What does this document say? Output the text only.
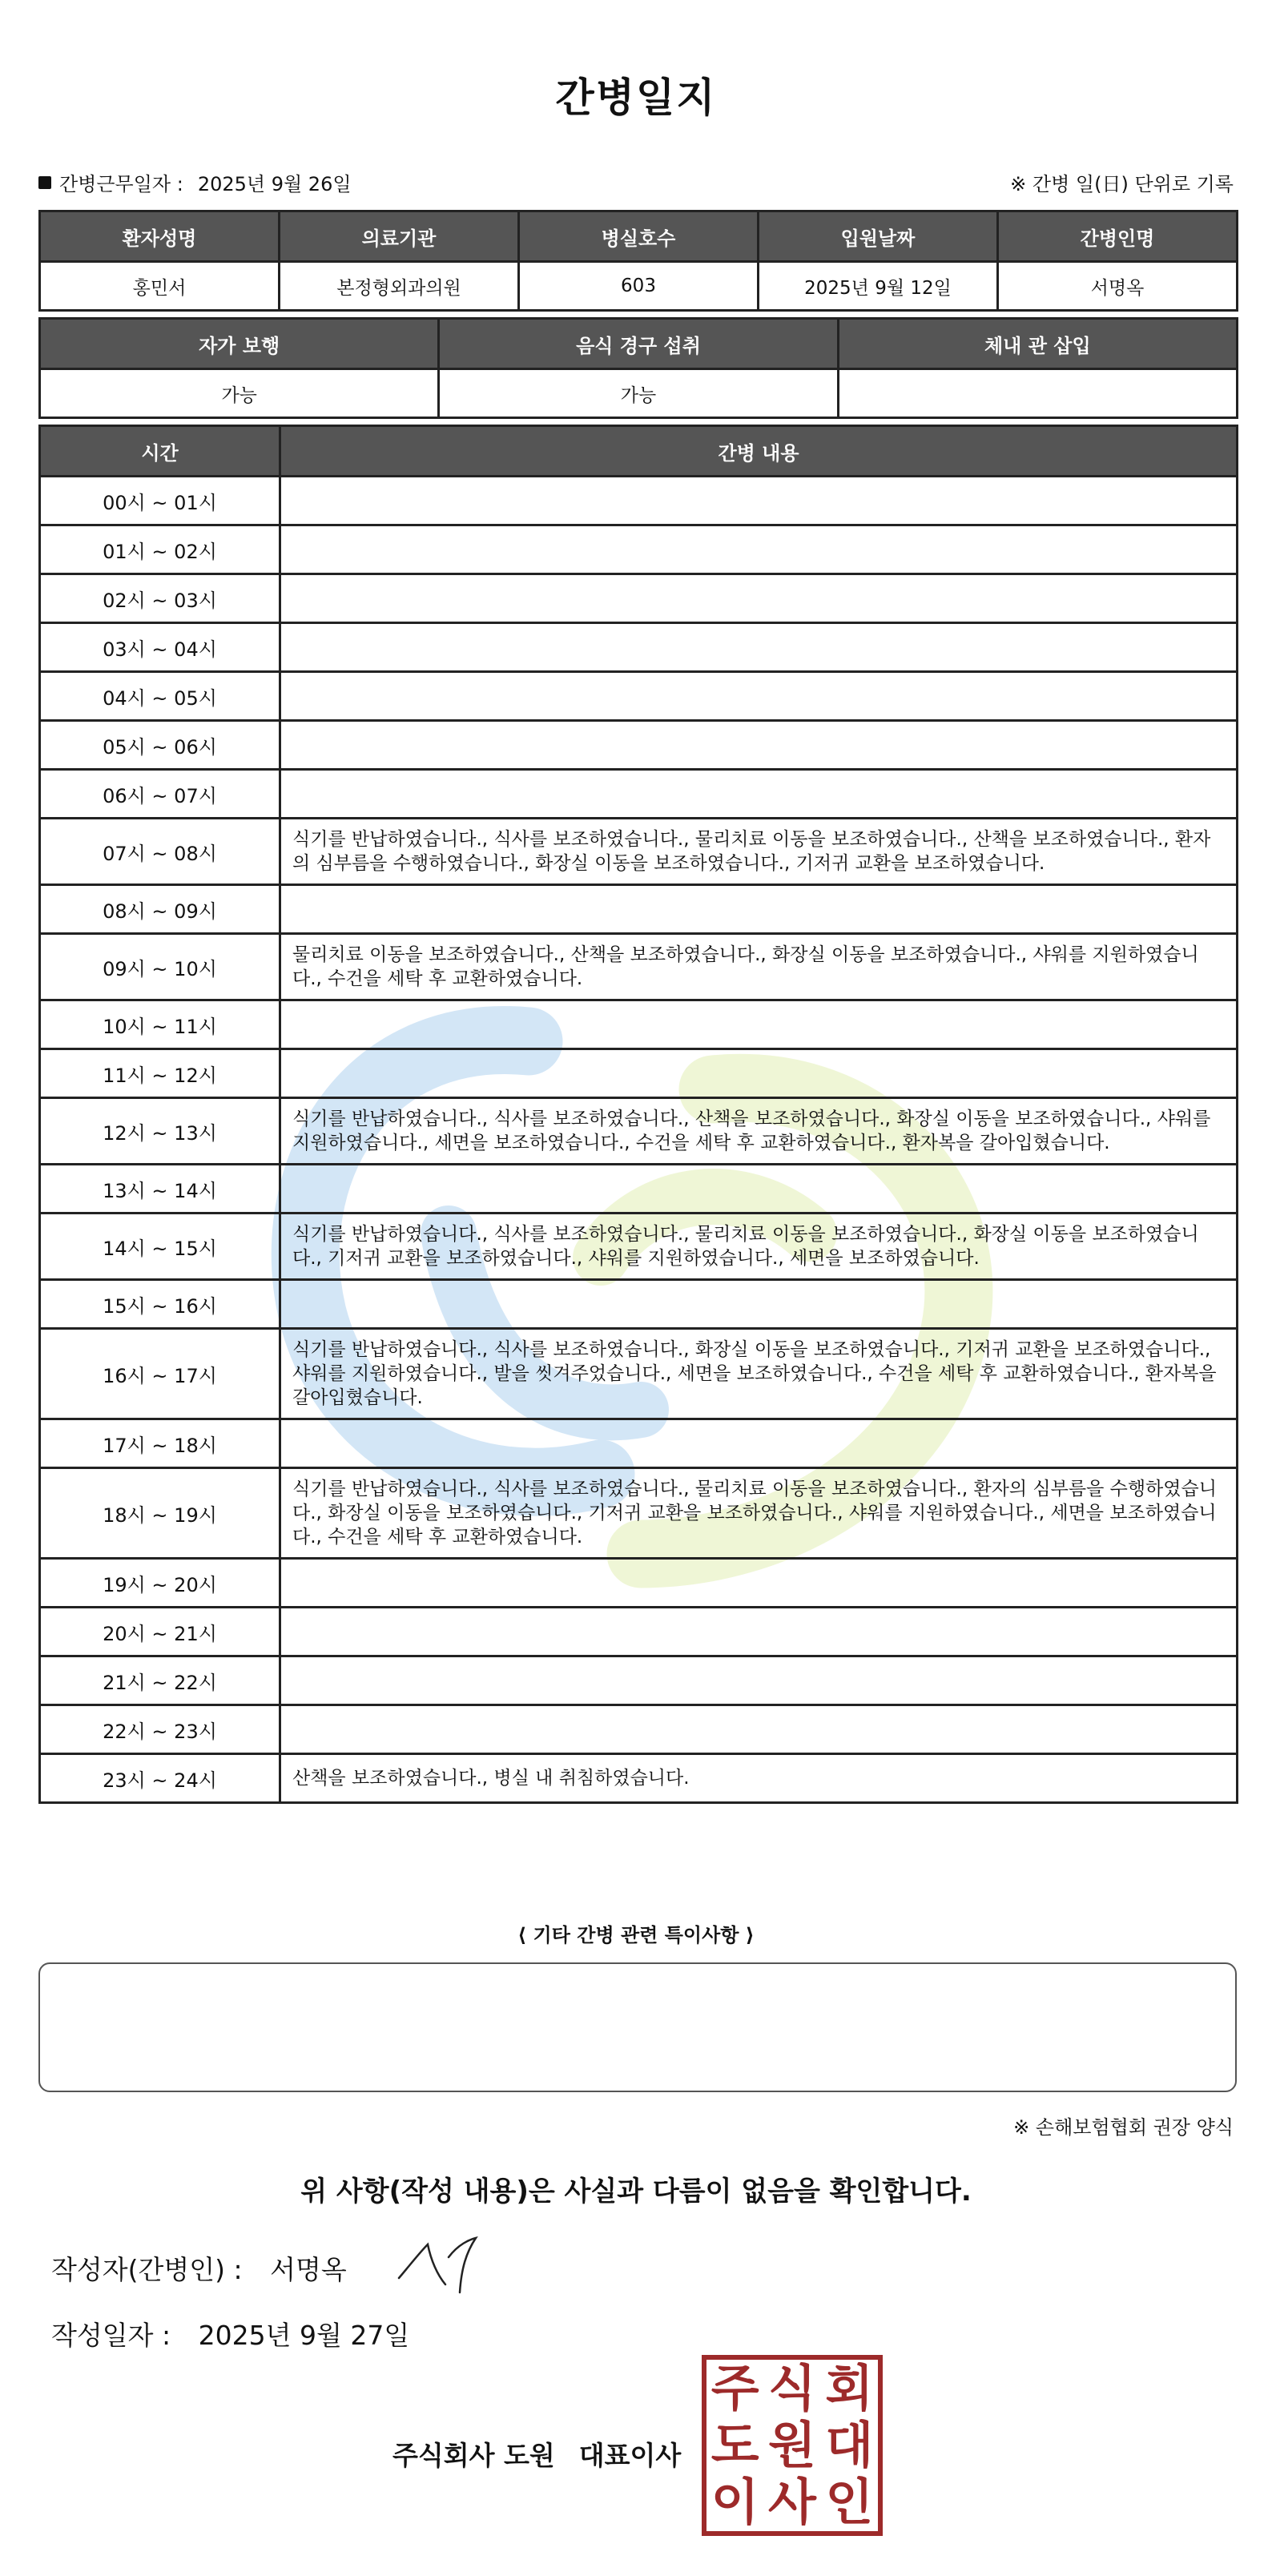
간병일지
간병근무일자 : 2025년 9월 26일	※ 간병 일(日) 단위로 기록
환자성명	의료기관	병실호수	입원날짜	간병인명
홍민서	본정형외과의원	603	2025년 9월 12일	서명옥
자가 보행	음식 경구 섭취	체내 관 삽입
가능	가능	
시간	간병 내용
00시 ~ 01시	
01시 ~ 02시	
02시 ~ 03시	
03시 ~ 04시	
04시 ~ 05시	
05시 ~ 06시	
06시 ~ 07시	
07시 ~ 08시	식기를 반납하였습니다., 식사를 보조하였습니다., 물리치료 이동을 보조하였습니다., 산책을 보조하였습니다., 환자의 심부름을 수행하였습니다., 화장실 이동을 보조하였습니다., 기저귀 교환을 보조하였습니다.
08시 ~ 09시	
09시 ~ 10시	물리치료 이동을 보조하였습니다., 산책을 보조하였습니다., 화장실 이동을 보조하였습니다., 샤워를 지원하였습니다., 수건을 세탁 후 교환하였습니다.
10시 ~ 11시	
11시 ~ 12시	
12시 ~ 13시	식기를 반납하였습니다., 식사를 보조하였습니다., 산책을 보조하였습니다., 화장실 이동을 보조하였습니다., 샤워를 지원하였습니다., 세면을 보조하였습니다., 수건을 세탁 후 교환하였습니다., 환자복을 갈아입혔습니다.
13시 ~ 14시	
14시 ~ 15시	식기를 반납하였습니다., 식사를 보조하였습니다., 물리치료 이동을 보조하였습니다., 화장실 이동을 보조하였습니다., 기저귀 교환을 보조하였습니다., 샤워를 지원하였습니다., 세면을 보조하였습니다.
15시 ~ 16시	
16시 ~ 17시	식기를 반납하였습니다., 식사를 보조하였습니다., 화장실 이동을 보조하였습니다., 기저귀 교환을 보조하였습니다., 샤워를 지원하였습니다., 발을 씻겨주었습니다., 세면을 보조하였습니다., 수건을 세탁 후 교환하였습니다., 환자복을 갈아입혔습니다.
17시 ~ 18시	
18시 ~ 19시	식기를 반납하였습니다., 식사를 보조하였습니다., 물리치료 이동을 보조하였습니다., 환자의 심부름을 수행하였습니다., 화장실 이동을 보조하였습니다., 기저귀 교환을 보조하였습니다., 샤워를 지원하였습니다., 세면을 보조하였습니다., 수건을 세탁 후 교환하였습니다.
19시 ~ 20시	
20시 ~ 21시	
21시 ~ 22시	
22시 ~ 23시	
23시 ~ 24시	산책을 보조하였습니다., 병실 내 취침하였습니다.
⟨ 기타 간병 관련 특이사항 ⟩
※ 손해보험협회 권장 양식
위 사항(작성 내용)은 사실과 다름이 없음을 확인합니다.
작성자(간병인) : 서명옥
작성일자 : 2025년 9월 27일
주식회사 도원 대표이사
주 식 회
도 원 대
이 사 인
